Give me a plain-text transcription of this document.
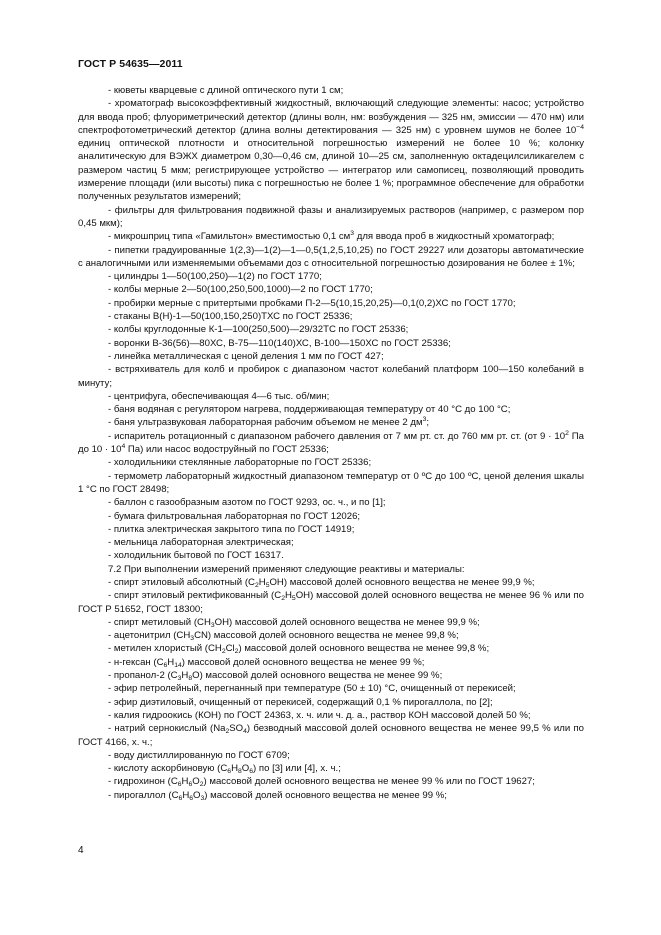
ГОСТ Р 54635—2011

- кюветы кварцевые с длиной оптического пути 1 см;

- хроматограф высокоэффективный жидкостный, включающий следующие элементы: насос; устройство для ввода проб; флуориметрический детектор (длины волн, нм: возбуждения — 325 нм, эмиссии — 470 нм) или спектрофотометрический детектор (длина волны детектирования — 325 нм) с уровнем шумов не более $10^{-4}$ единиц оптической плотности и относительной погрешностью измерений не более 10 %; колонку аналитическую для ВЭЖХ диаметром 0,30—0,46 см, длиной 10—25 см, заполненную октадецилсиликагелем с размером частиц 5 мкм; регистрирующее устройство — интегратор или самописец, позволяющий проводить измерение площади (или высоты) пика с погрешностью не более 1 %; программное обеспечение для обработки полученных результатов измерений;

- фильтры для фильтрования подвижной фазы и анализируемых растворов (например, с размером пор 0,45 мкм);

- микрошприц типа «Гамильтон» вместимостью 0,1 $см^3$ для ввода проб в жидкостный хроматограф;

- пипетки градуированные 1(2,3)—1(2)—1—0,5(1,2,5,10,25) по ГОСТ 29227 или дозаторы автоматические с аналогичными или изменяемыми объемами доз с относительной погрешностью дозирования не более ± 1%;

- цилиндры 1—50(100,250)—1(2) по ГОСТ 1770;

- колбы мерные 2—50(100,250,500,1000)—2 по ГОСТ 1770;

- пробирки мерные с притертыми пробками П-2—5(10,15,20,25)—0,1(0,2)ХС по ГОСТ 1770;

- стаканы В(Н)-1—50(100,150,250)ТХС по ГОСТ 25336;

- колбы круглодонные К-1—100(250,500)—29/32ТС по ГОСТ 25336;

- воронки В-36(56)—80ХС, В-75—110(140)ХС, В-100—150ХС по ГОСТ 25336;

- линейка металлическая с ценой деления 1 мм по ГОСТ 427;

- встряхиватель для колб и пробирок с диапазоном частот колебаний платформ 100—150 колебаний в минуту;

- центрифуга, обеспечивающая 4—6 тыс. об/мин;

- баня водяная с регулятором нагрева, поддерживающая температуру от 40 °С до 100 °С;

- баня ультразвуковая лабораторная рабочим объемом не менее 2 $дм^3$;

- испаритель ротационный с диапазоном рабочего давления от 7 мм рт. ст. до 760 мм рт. ст. (от $9 \cdot 10^2$ Па до $10 \cdot 10^4$ Па) или насос водоструйный по ГОСТ 25336;

- холодильники стеклянные лабораторные по ГОСТ 25336;

- термометр лабораторный жидкостный диапазоном температур от 0 ºС до 100 ºС, ценой деления шкалы 1 °С по ГОСТ 28498;

- баллон с газообразным азотом по ГОСТ 9293, ос. ч., и по [1];

- бумага фильтровальная лабораторная по ГОСТ 12026;

- плитка электрическая закрытого типа по ГОСТ 14919;

- мельница лабораторная электрическая;

- холодильник бытовой по ГОСТ 16317.

7.2 При выполнении измерений применяют следующие реактивы и материалы:

- спирт этиловый абсолютный $(C_2H_5OH)$ массовой долей основного вещества не менее 99,9 %;

- спирт этиловый ректификованный $(C_2H_5OH)$ массовой долей основного вещества не менее 96 % или по ГОСТ Р 51652, ГОСТ 18300;

- спирт метиловый $(CH_3OH)$ массовой долей основного вещества не менее 99,9 %;

- ацетонитрил $(CH_3CN)$ массовой долей основного вещества не менее 99,8 %;

- метилен хлористый $(CH_2Cl_2)$ массовой долей основного вещества не менее 99,8 %;

- н-гексан $(C_6H_{14})$ массовой долей основного вещества не менее 99 %;

- пропанол-2 $(C_3H_8O)$ массовой долей основного вещества не менее 99 %;

- эфир петролейный, перегнанный при температуре (50 ± 10) °С, очищенный от перекисей;

- эфир диэтиловый, очищенный от перекисей, содержащий 0,1 % пирогаллола, по [2];

- калия гидроокись (КОН) по ГОСТ 24363, х. ч. или ч. д. а., раствор КОН массовой долей 50 %;

- натрий сернокислый $(Na_2SO_4)$ безводный массовой долей основного вещества не менее 99,5 % или по ГОСТ 4166, х. ч.;

- воду дистиллированную по ГОСТ 6709;

- кислоту аскорбиновую $(C_6H_8O_6)$ по [3] или [4], х. ч.;

- гидрохинон $(C_6H_6O_2)$ массовой долей основного вещества не менее 99 % или по ГОСТ 19627;

- пирогаллол $(C_6H_6O_3)$ массовой долей основного вещества не менее 99 %;

4
